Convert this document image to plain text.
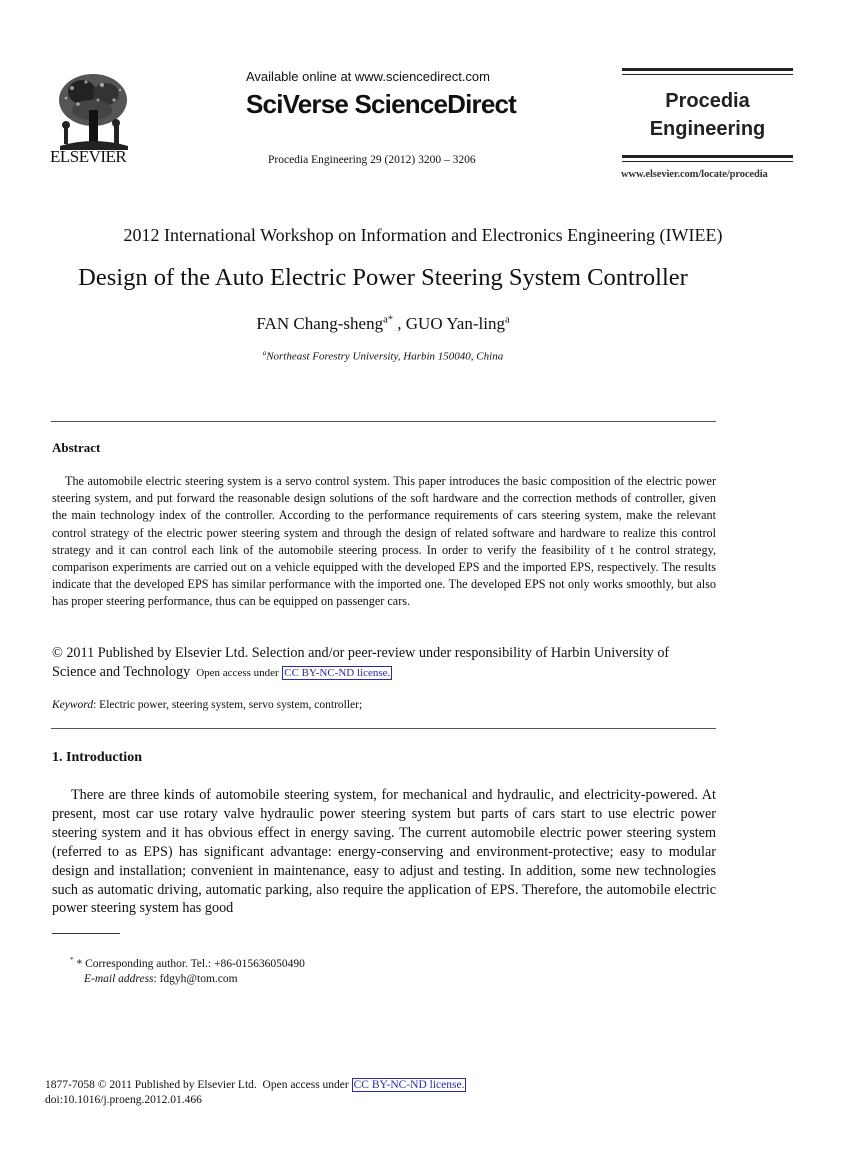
ELSEVIER
Available online at www.sciencedirect.com
SciVerse ScienceDirect
Procedia Engineering 29 (2012) 3200 – 3206
Procedia
Engineering
www.elsevier.com/locate/procedia
2012 International Workshop on Information and Electronics Engineering (IWIEE)
Design of the Auto Electric Power Steering System Controller
FAN Chang-sheng$^{a*}$ , GUO Yan-ling$^a$
$^a$Northeast Forestry University, Harbin 150040, China
Abstract
The automobile electric steering system is a servo control system. This paper introduces the basic composition of the electric power steering system, and put forward the reasonable design solutions of the soft hardware and the correction methods of controller, given the main technology index of the controller. According to the performance requirements of cars steering system, make the relevant control strategy of the electric power steering system and through the design of related software and hardware to realize this control strategy and it can control each link of the automobile steering process. In order to verify the feasibility of t he control strategy, comparison experiments are carried out on a vehicle equipped with the developed EPS and the imported EPS, respectively. The results indicate that the developed EPS has similar performance with the imported one. The developed EPS not only works smoothly, but also has proper steering performance, thus can be equipped on passenger cars.
© 2011 Published by Elsevier Ltd. Selection and/or peer-review under responsibility of Harbin University of Science and Technology Open access under CC BY-NC-ND license.
Keyword: Electric power, steering system, servo system, controller;
1. Introduction
There are three kinds of automobile steering system, for mechanical and hydraulic, and electricity-powered. At present, most car use rotary valve hydraulic power steering system but parts of cars start to use electric power steering system and it has obvious effect in energy saving. The current automobile electric power steering system (referred to as EPS) has significant advantage: energy-conserving and environment-protective; easy to modular design and installation; convenient in maintenance, easy to adjust and testing. In addition, some new technologies such as automatic driving, automatic parking, also require the application of EPS. Therefore, the automobile electric power steering system has good
* * Corresponding author. Tel.: +86-015636050490
E-mail address: fdgyh@tom.com
1877-7058 © 2011 Published by Elsevier Ltd. Open access under CC BY-NC-ND license.
doi:10.1016/j.proeng.2012.01.466
